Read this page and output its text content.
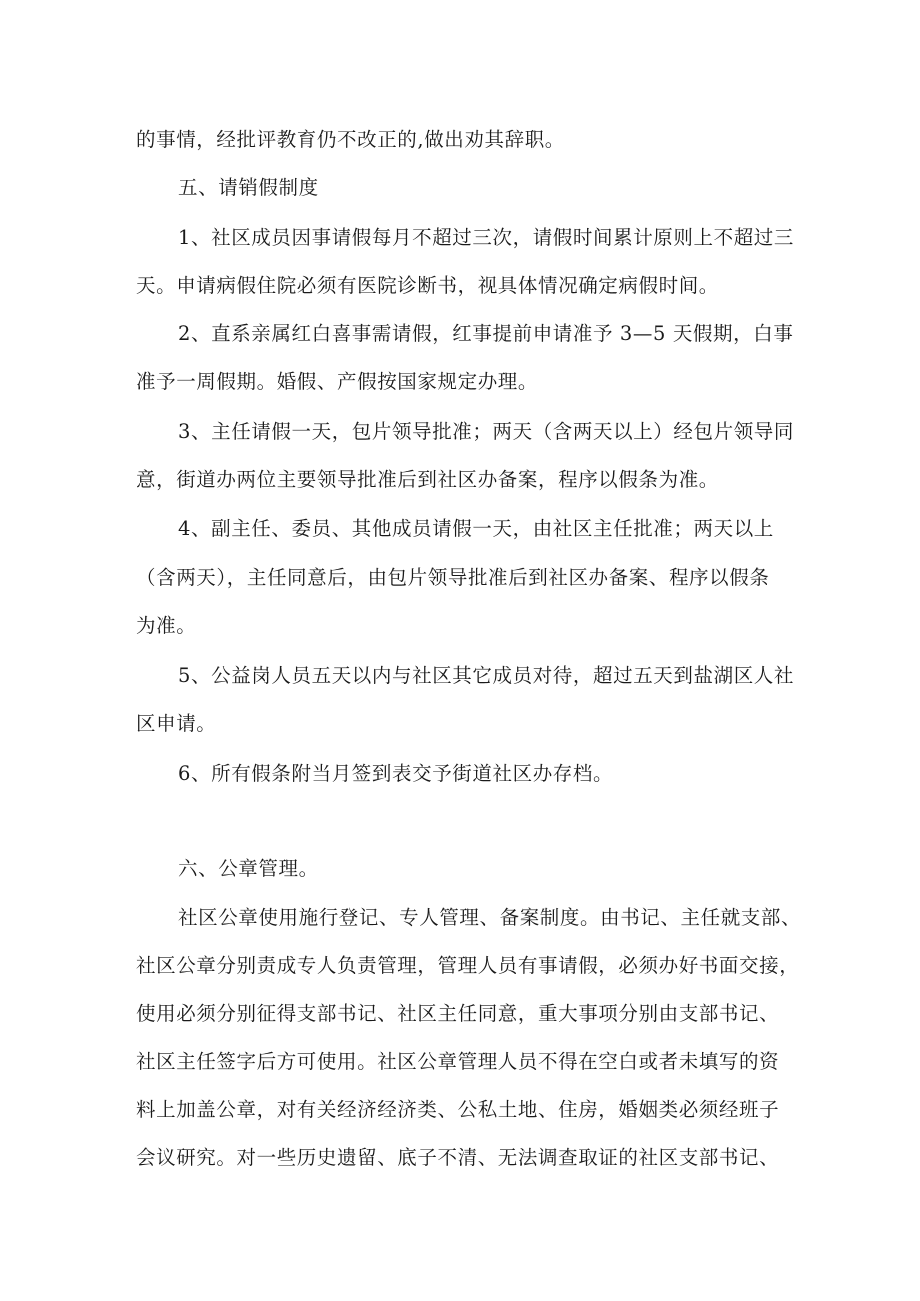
的事情，经批评教育仍不改正的,做出劝其辞职。
五、请销假制度
1、社区成员因事请假每月不超过三次，请假时间累计原则上不超过三
天。申请病假住院必须有医院诊断书，视具体情况确定病假时间。
2、直系亲属红白喜事需请假，红事提前申请准予 3—5 天假期，白事
准予一周假期。婚假、产假按国家规定办理。
3、主任请假一天，包片领导批准；两天（含两天以上）经包片领导同
意，街道办两位主要领导批准后到社区办备案，程序以假条为准。
4、副主任、委员、其他成员请假一天，由社区主任批准；两天以上
（含两天），主任同意后，由包片领导批准后到社区办备案、程序以假条
为准。
5、公益岗人员五天以内与社区其它成员对待，超过五天到盐湖区人社
区申请。
6、所有假条附当月签到表交予街道社区办存档。
六、公章管理。
社区公章使用施行登记、专人管理、备案制度。由书记、主任就支部、
社区公章分别责成专人负责管理，管理人员有事请假，必须办好书面交接，
使用必须分别征得支部书记、社区主任同意，重大事项分别由支部书记、
社区主任签字后方可使用。社区公章管理人员不得在空白或者未填写的资
料上加盖公章，对有关经济经济类、公私土地、住房，婚姻类必须经班子
会议研究。对一些历史遗留、底子不清、无法调查取证的社区支部书记、
